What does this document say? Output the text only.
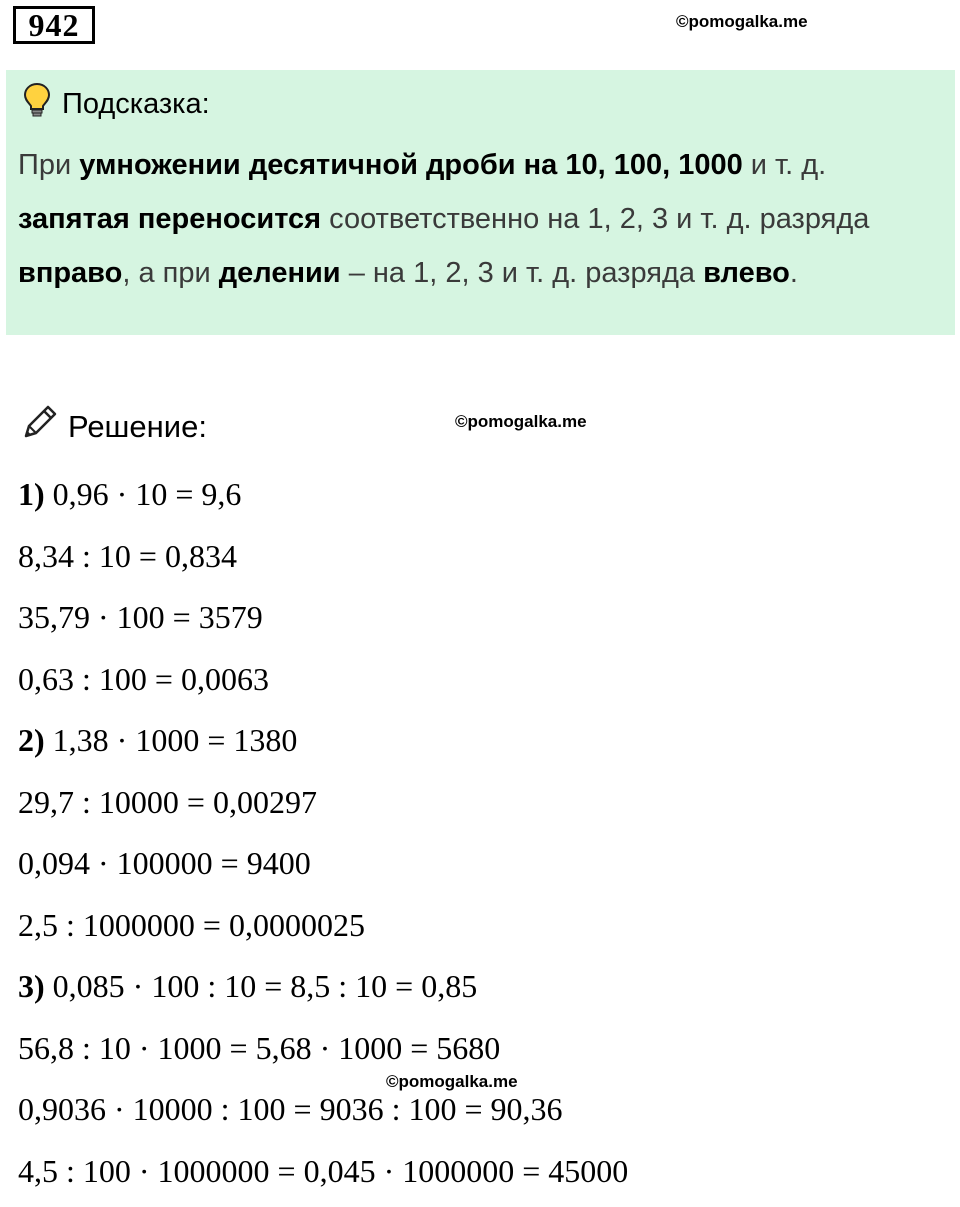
942	©pomogalka.me
Подсказка:
При умножении десятичной дроби на 10, 100, 1000 и т. д. запятая переносится соответственно на 1, 2, 3 и т. д. разряда вправо, а при делении – на 1, 2, 3 и т. д. разряда влево.
Решение:	©pomogalka.me
1) 0,96 · 10 = 9,6
8,34 : 10 = 0,834
35,79 · 100 = 3579
0,63 : 100 = 0,0063
2) 1,38 · 1000 = 1380
29,7 : 10000 = 0,00297
0,094 · 100000 = 9400
2,5 : 1000000 = 0,0000025
3) 0,085 · 100 : 10 = 8,5 : 10 = 0,85
56,8 : 10 · 1000 = 5,68 · 1000 = 5680
0,9036 · 10000 : 100 = 9036 : 100 = 90,36
4,5 : 100 · 1000000 = 0,045 · 1000000 = 45000
©pomogalka.me
